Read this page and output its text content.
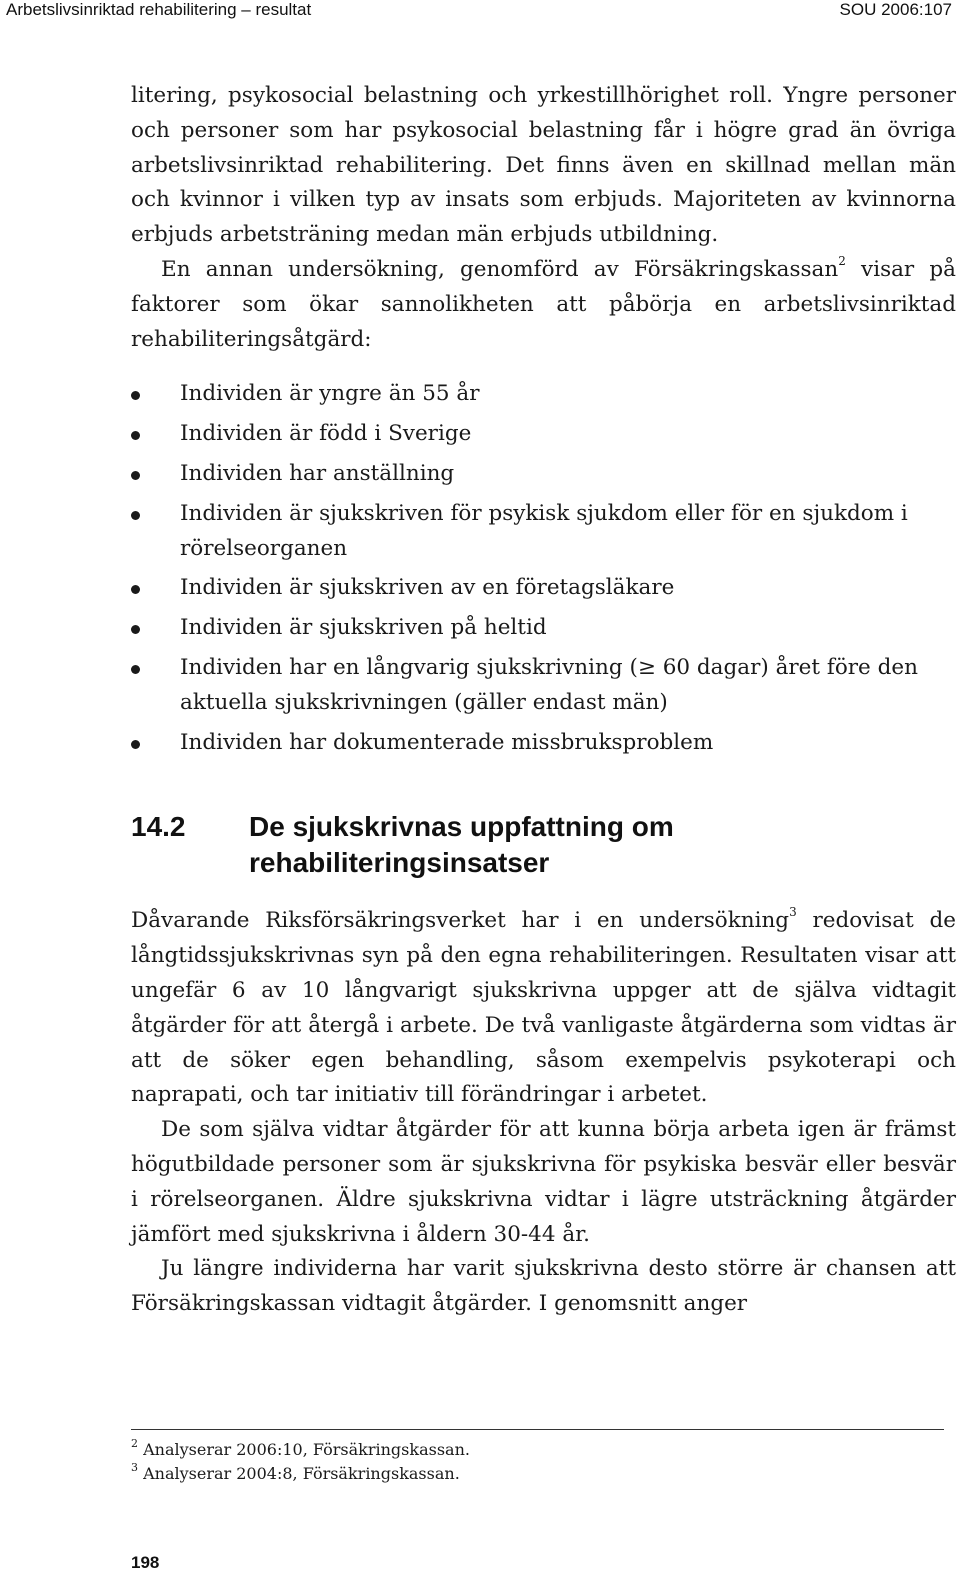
Arbetslivsinriktad rehabilitering – resultat	SOU 2006:107

litering, psykosocial belastning och yrkestillhörighet roll. Yngre personer och personer som har psykosocial belastning får i högre grad än övriga arbetslivsinriktad rehabilitering. Det finns även en skillnad mellan män och kvinnor i vilken typ av insats som erbjuds. Majoriteten av kvinnorna erbjuds arbetsträning medan män erbjuds utbildning.

En annan undersökning, genomförd av Försäkringskassan$^2$ visar på faktorer som ökar sannolikheten att påbörja en arbetslivsinriktad rehabiliteringsåtgärd:

Individen är yngre än 55 år
Individen är född i Sverige
Individen har anställning
Individen är sjukskriven för psykisk sjukdom eller för en sjukdom i rörelseorganen
Individen är sjukskriven av en företagsläkare
Individen är sjukskriven på heltid
Individen har en långvarig sjukskrivning (≥ 60 dagar) året före den aktuella sjukskrivningen (gäller endast män)
Individen har dokumenterade missbruksproblem
14.2 De sjukskrivnas uppfattning om rehabiliteringsinsatser

Dåvarande Riksförsäkringsverket har i en undersökning$^3$ redovisat de långtidssjukskrivnas syn på den egna rehabiliteringen. Resultaten visar att ungefär 6 av 10 långvarigt sjukskrivna uppger att de själva vidtagit åtgärder för att återgå i arbete. De två vanligaste åtgärderna som vidtas är att de söker egen behandling, såsom exempelvis psykoterapi och naprapati, och tar initiativ till förändringar i arbetet.

De som själva vidtar åtgärder för att kunna börja arbeta igen är främst högutbildade personer som är sjukskrivna för psykiska besvär eller besvär i rörelseorganen. Äldre sjukskrivna vidtar i lägre utsträckning åtgärder jämfört med sjukskrivna i åldern 30-44 år.

Ju längre individerna har varit sjukskrivna desto större är chansen att Försäkringskassan vidtagit åtgärder. I genomsnitt anger

$^2$ Analyserar 2006:10, Försäkringskassan.
$^3$ Analyserar 2004:8, Försäkringskassan.
198
